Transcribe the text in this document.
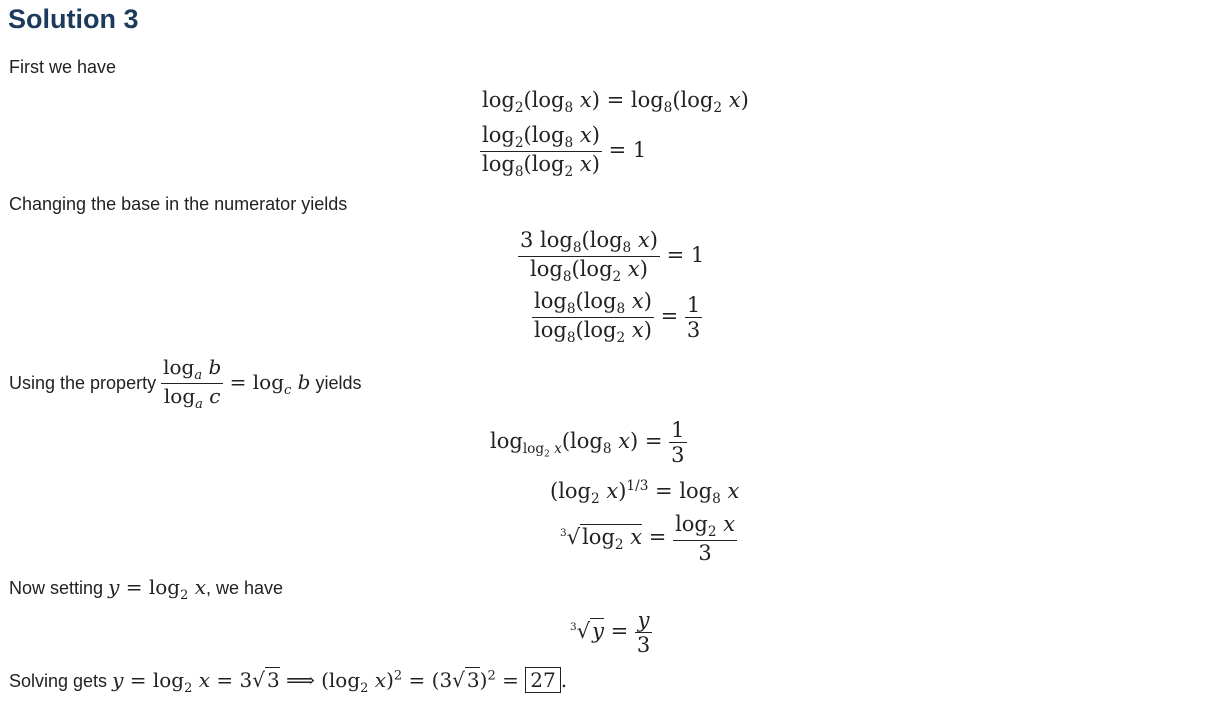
Solution 3
First we have
$\log_2(\log_8$ $x) = \log_8(\log_2$ x)
$\frac{\log_2(\log_8 x)}{\log_8(\log_2 x)} = 1$
Changing the base in the numerator yields
$\frac{3 \log_8(\log_8 x)}{\log_8(\log_2 x)} = 1$
$\frac{\log_8(\log_8 x)}{\log_8(\log_2 x)} = \frac{1}{3}$
Using the property $\frac{\log_a b}{\log_a c} = \log_c b$ yields
$\log_{log_2 x}(\log_8$ $x) = \frac{1}{3}$
($\log_2$ $x)^{1/3} = \log_8 x$
$^3√\log_2$ $x = \frac{\log_2 x}{3}$
Now setting $y = \log_2 x$, we have
$^3√y = \frac{y}{3}$
Solving gets $y = \log_2 x = 3√$ 3 ⟹ ($\log_2$ x)$^2$ = (3√ 3)$^2$ = 27 .
